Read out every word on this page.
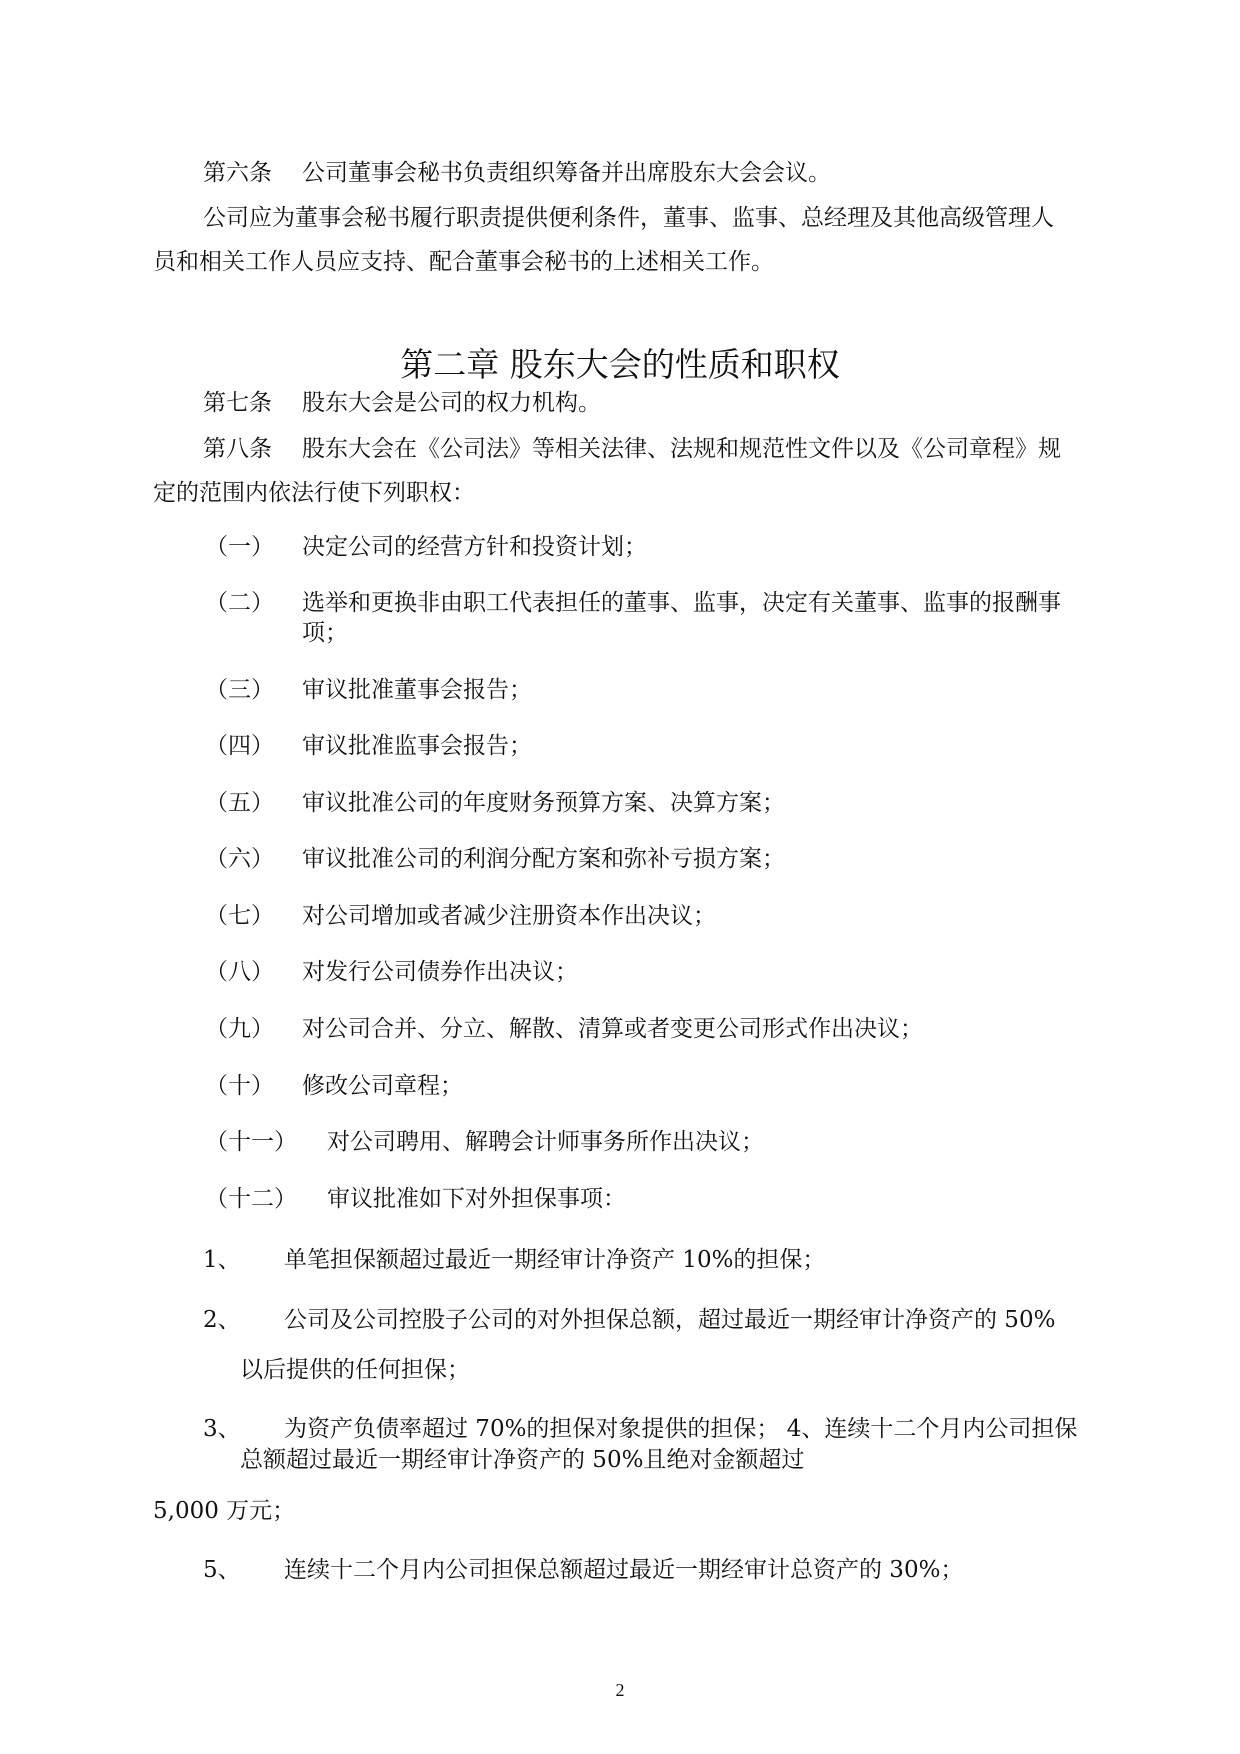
第六条 公司董事会秘书负责组织筹备并出席股东大会会议。
公司应为董事会秘书履行职责提供便利条件，董事、监事、总经理及其他高级管理人
员和相关工作人员应支持、配合董事会秘书的上述相关工作。
第二章 股东大会的性质和职权
第七条 股东大会是公司的权力机构。
第八条 股东大会在《公司法》等相关法律、法规和规范性文件以及《公司章程》规
定的范围内依法行使下列职权：
（一） 决定公司的经营方针和投资计划；
（二） 选举和更换非由职工代表担任的董事、监事，决定有关董事、监事的报酬事
项；
（三） 审议批准董事会报告；
（四） 审议批准监事会报告；
（五） 审议批准公司的年度财务预算方案、决算方案；
（六） 审议批准公司的利润分配方案和弥补亏损方案；
（七） 对公司增加或者减少注册资本作出决议；
（八） 对发行公司债券作出决议；
（九） 对公司合并、分立、解散、清算或者变更公司形式作出决议；
（十） 修改公司章程；
（十一） 对公司聘用、解聘会计师事务所作出决议；
（十二） 审议批准如下对外担保事项：
1、 单笔担保额超过最近一期经审计净资产 10%的担保；
2、 公司及公司控股子公司的对外担保总额，超过最近一期经审计净资产的 50%
以后提供的任何担保；
3、 为资产负债率超过 70%的担保对象提供的担保； 4、连续十二个月内公司担保
总额超过最近一期经审计净资产的 50%且绝对金额超过
5,000 万元；
5、 连续十二个月内公司担保总额超过最近一期经审计总资产的 30%；
2
